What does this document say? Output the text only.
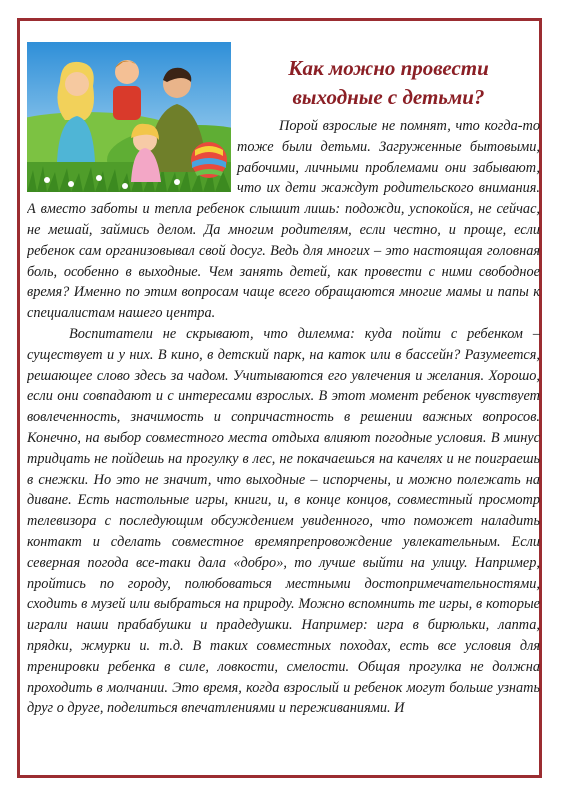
Как можно провести
выходные с детьми?

Порой взрослые не помнят, что когда-то тоже были детьми. Загруженные бытовыми, рабочими, личными проблемами они забывают, что их дети жаждут родительского внимания. А вместо заботы и тепла ребенок слышит лишь: подожди, успокойся, не сейчас, не мешай, займись делом. Да многим родителям, если честно, и проще, если ребенок сам организовывал свой досуг. Ведь для многих – это настоящая головная боль, особенно в выходные. Чем занять детей, как провести с ними свободное время? Именно по этим вопросам чаще всего обращаются многие мамы и папы к специалистам нашего центра.

Воспитатели не скрывают, что дилемма: куда пойти с ребенком – существует и у них. В кино, в детский парк, на каток или в бассейн? Разумеется, решающее слово здесь за чадом. Учитываются его увлечения и желания. Хорошо, если они совпадают и с интересами взрослых. В этот момент ребенок чувствует вовлеченность, значимость и сопричастность в решении важных вопросов. Конечно, на выбор совместного места отдыха влияют погодные условия. В минус тридцать не пойдешь на прогулку в лес, не покачаешься на качелях и не поиграешь в снежки. Но это не значит, что выходные – испорчены, и можно полежать на диване. Есть настольные игры, книги, и, в конце концов, совместный просмотр телевизора с последующим обсуждением увиденного, что поможет наладить контакт и сделать совместное времяпрепровождение увлекательным. Если северная погода все-таки дала «добро», то лучше выйти на улицу. Например, пройтись по городу, полюбоваться местными достопримечательностями, сходить в музей или выбраться на природу. Можно вспомнить те игры, в которые играли наши прабабушки и прадедушки. Например: игра в бирюльки, лапта, прядки, жмурки и. т.д. В таких совместных походах, есть все условия для тренировки ребенка в силе, ловкости, смелости. Общая прогулка не должна проходить в молчании. Это время, когда взрослый и ребенок могут больше узнать друг о друге, поделиться впечатлениями и переживаниями. И
